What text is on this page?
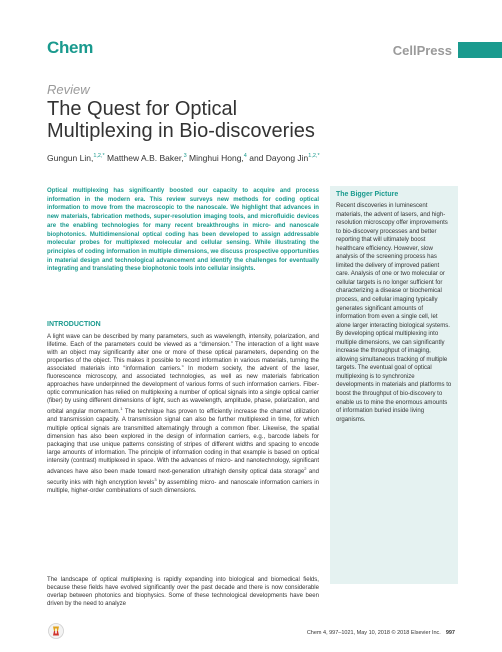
Chem	CellPress
Review
The Quest for Optical Multiplexing in Bio-discoveries
Gungun Lin,$^{1,2,*}$ Matthew A.B. Baker,$^3$ Minghui Hong,$^4$ and Dayong Jin$^{1,2,*}$

Optical multiplexing has significantly boosted our capacity to acquire and process information in the modern era. This review surveys new methods for coding optical information to move from the macroscopic to the nanoscale. We highlight that advances in new materials, fabrication methods, super-resolution imaging tools, and microfluidic devices are the enabling technologies for many recent breakthroughs in micro- and nanoscale biophotonics. Multidimensional optical coding has been developed to assign addressable molecular probes for multiplexed molecular and cellular sensing. While illustrating the principles of coding information in multiple dimensions, we discuss prospective opportunities in material design and technological advancement and identify the challenges for eventually integrating and translating these biophotonic tools into cellular insights.

INTRODUCTION

A light wave can be described by many parameters, such as wavelength, intensity, polarization, and lifetime. Each of the parameters could be viewed as a “dimension.” The interaction of a light wave with an object may significantly alter one or more of these optical parameters, depending on the properties of the object. This makes it possible to record information in various materials, turning the associated materials into “information carriers.” In modern society, the advent of the laser, fluorescence microscopy, and associated technologies, as well as new materials fabrication approaches have underpinned the development of various forms of such information carriers. Fiber-optic communication has relied on multiplexing a number of optical signals into a single optical carrier (fiber) by using different dimensions of light, such as wavelength, amplitude, phase, polarization, and orbital angular momentum.$^1$ The technique has proven to efficiently increase the channel utilization and transmission capacity. A transmission signal can also be further multiplexed in time, for which multiple optical signals are transmitted alternatingly through a common fiber. Likewise, the spatial dimension has also been explored in the design of information carriers, e.g., barcode labels for packaging that use unique patterns consisting of stripes of different widths and spacing to encode large amounts of information. The principle of information coding in that example is based on optical intensity (contrast) multiplexed in space. With the advances of micro- and nanotechnology, significant advances have also been made toward next-generation ultrahigh density optical data storage$^2$ and security inks with high encryption levels$^3$ by assembling micro- and nanoscale information carriers in multiple, higher-order combinations of such dimensions.

The landscape of optical multiplexing is rapidly expanding into biological and biomedical fields, because these fields have evolved significantly over the past decade and there is now considerable overlap between photonics and biophysics. Some of these technological developments have been driven by the need to analyze

The Bigger Picture

Recent discoveries in luminescent materials, the advent of lasers, and high-resolution microscopy offer improvements to bio-discovery processes and better reporting that will ultimately boost healthcare efficiency. However, slow analysis of the screening process has limited the delivery of improved patient care. Analysis of one or two molecular or cellular targets is no longer sufficient for characterizing a disease or biochemical process, and cellular imaging typically generates significant amounts of information from even a single cell, let alone larger interacting biological systems. By developing optical multiplexing into multiple dimensions, we can significantly increase the throughput of imaging, allowing simultaneous tracking of multiple targets. The eventual goal of optical multiplexing is to synchronize developments in materials and platforms to boost the throughput of bio-discovery to enable us to mine the enormous amounts of information buried inside living organisms.

Chem 4, 997–1021, May 10, 2018 © 2018 Elsevier Inc. 997
